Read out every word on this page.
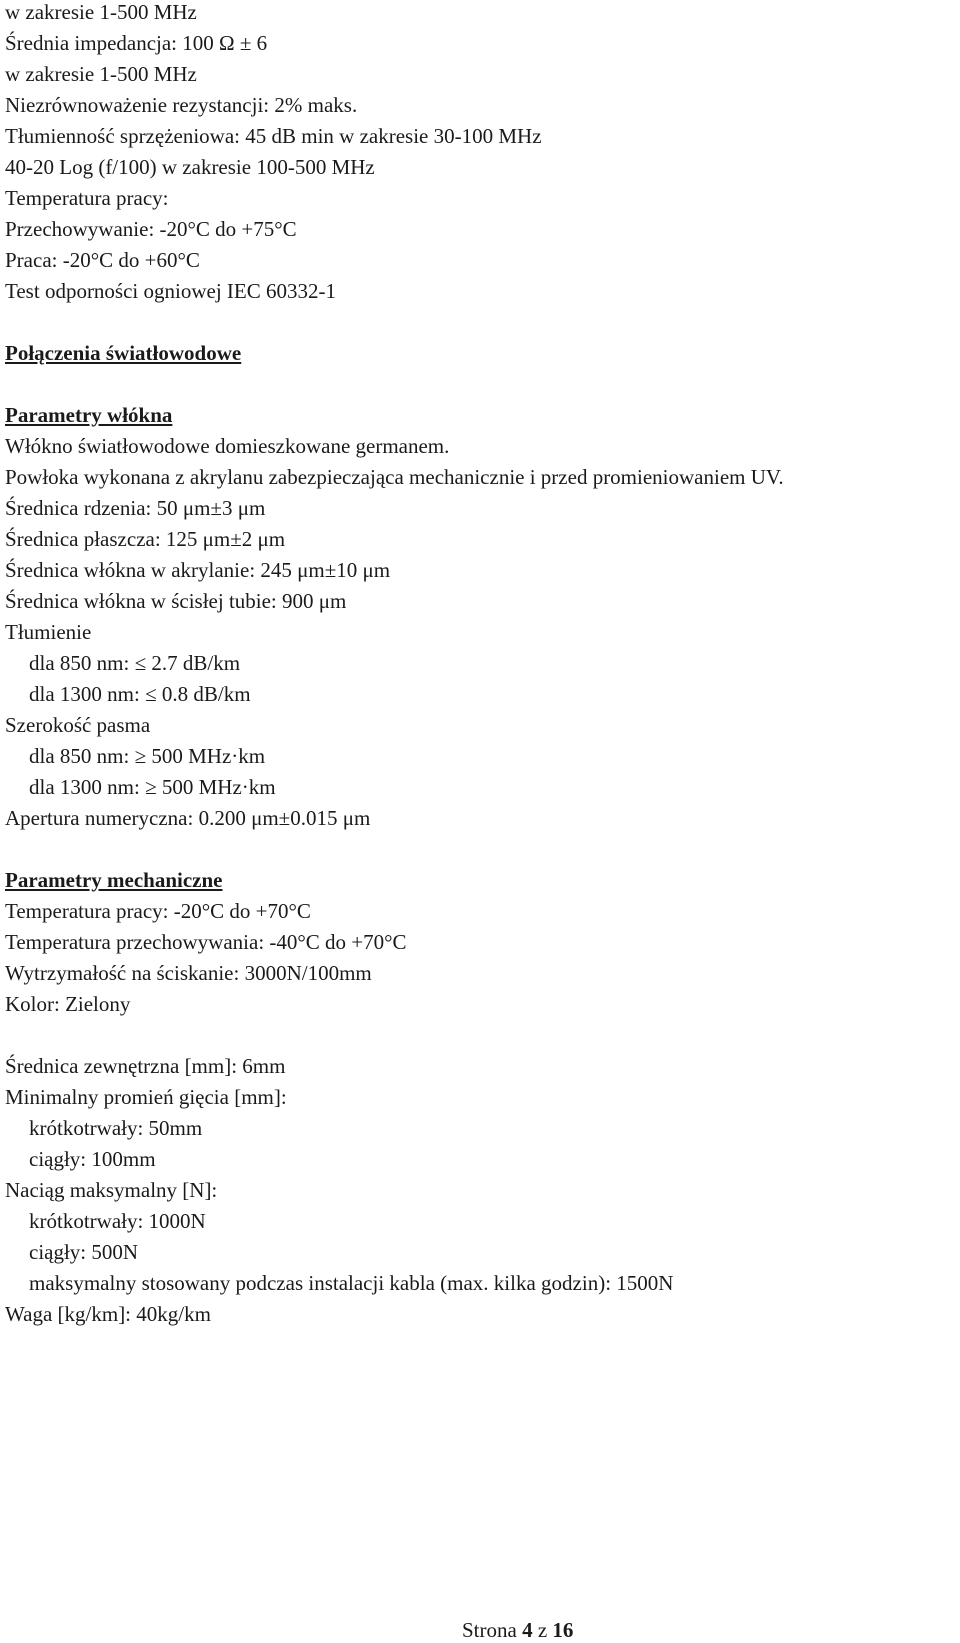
w zakresie 1-500 MHz
Średnia impedancja: 100 Ω ± 6
w zakresie 1-500 MHz
Niezrównoważenie rezystancji: 2% maks.
Tłumienność sprzężeniowa: 45 dB min w zakresie 30-100 MHz
40-20 Log (f/100) w zakresie 100-500 MHz
Temperatura pracy:
Przechowywanie: -20°C do +75°C
Praca: -20°C do +60°C
Test odporności ogniowej IEC 60332-1
Połączenia światłowodowe
Parametry włókna
Włókno światłowodowe domieszkowane germanem.
Powłoka wykonana z akrylanu zabezpieczająca mechanicznie i przed promieniowaniem UV.
Średnica rdzenia: 50 μm±3 μm
Średnica płaszcza: 125 μm±2 μm
Średnica włókna w akrylanie: 245 μm±10 μm
Średnica włókna w ścisłej tubie: 900 μm
Tłumienie
dla 850 nm: ≤ 2.7 dB/km
dla 1300 nm: ≤ 0.8 dB/km
Szerokość pasma
dla 850 nm: ≥ 500 MHz·km
dla 1300 nm: ≥ 500 MHz·km
Apertura numeryczna: 0.200 μm±0.015 μm
Parametry mechaniczne
Temperatura pracy: -20°C do +70°C
Temperatura przechowywania: -40°C do +70°C
Wytrzymałość na ściskanie: 3000N/100mm
Kolor: Zielony
Średnica zewnętrzna [mm]: 6mm
Minimalny promień gięcia [mm]:
krótkotrwały: 50mm
ciągły: 100mm
Naciąg maksymalny [N]:
krótkotrwały: 1000N
ciągły: 500N
maksymalny stosowany podczas instalacji kabla (max. kilka godzin): 1500N
Waga [kg/km]: 40kg/km
Strona 4 z 16
